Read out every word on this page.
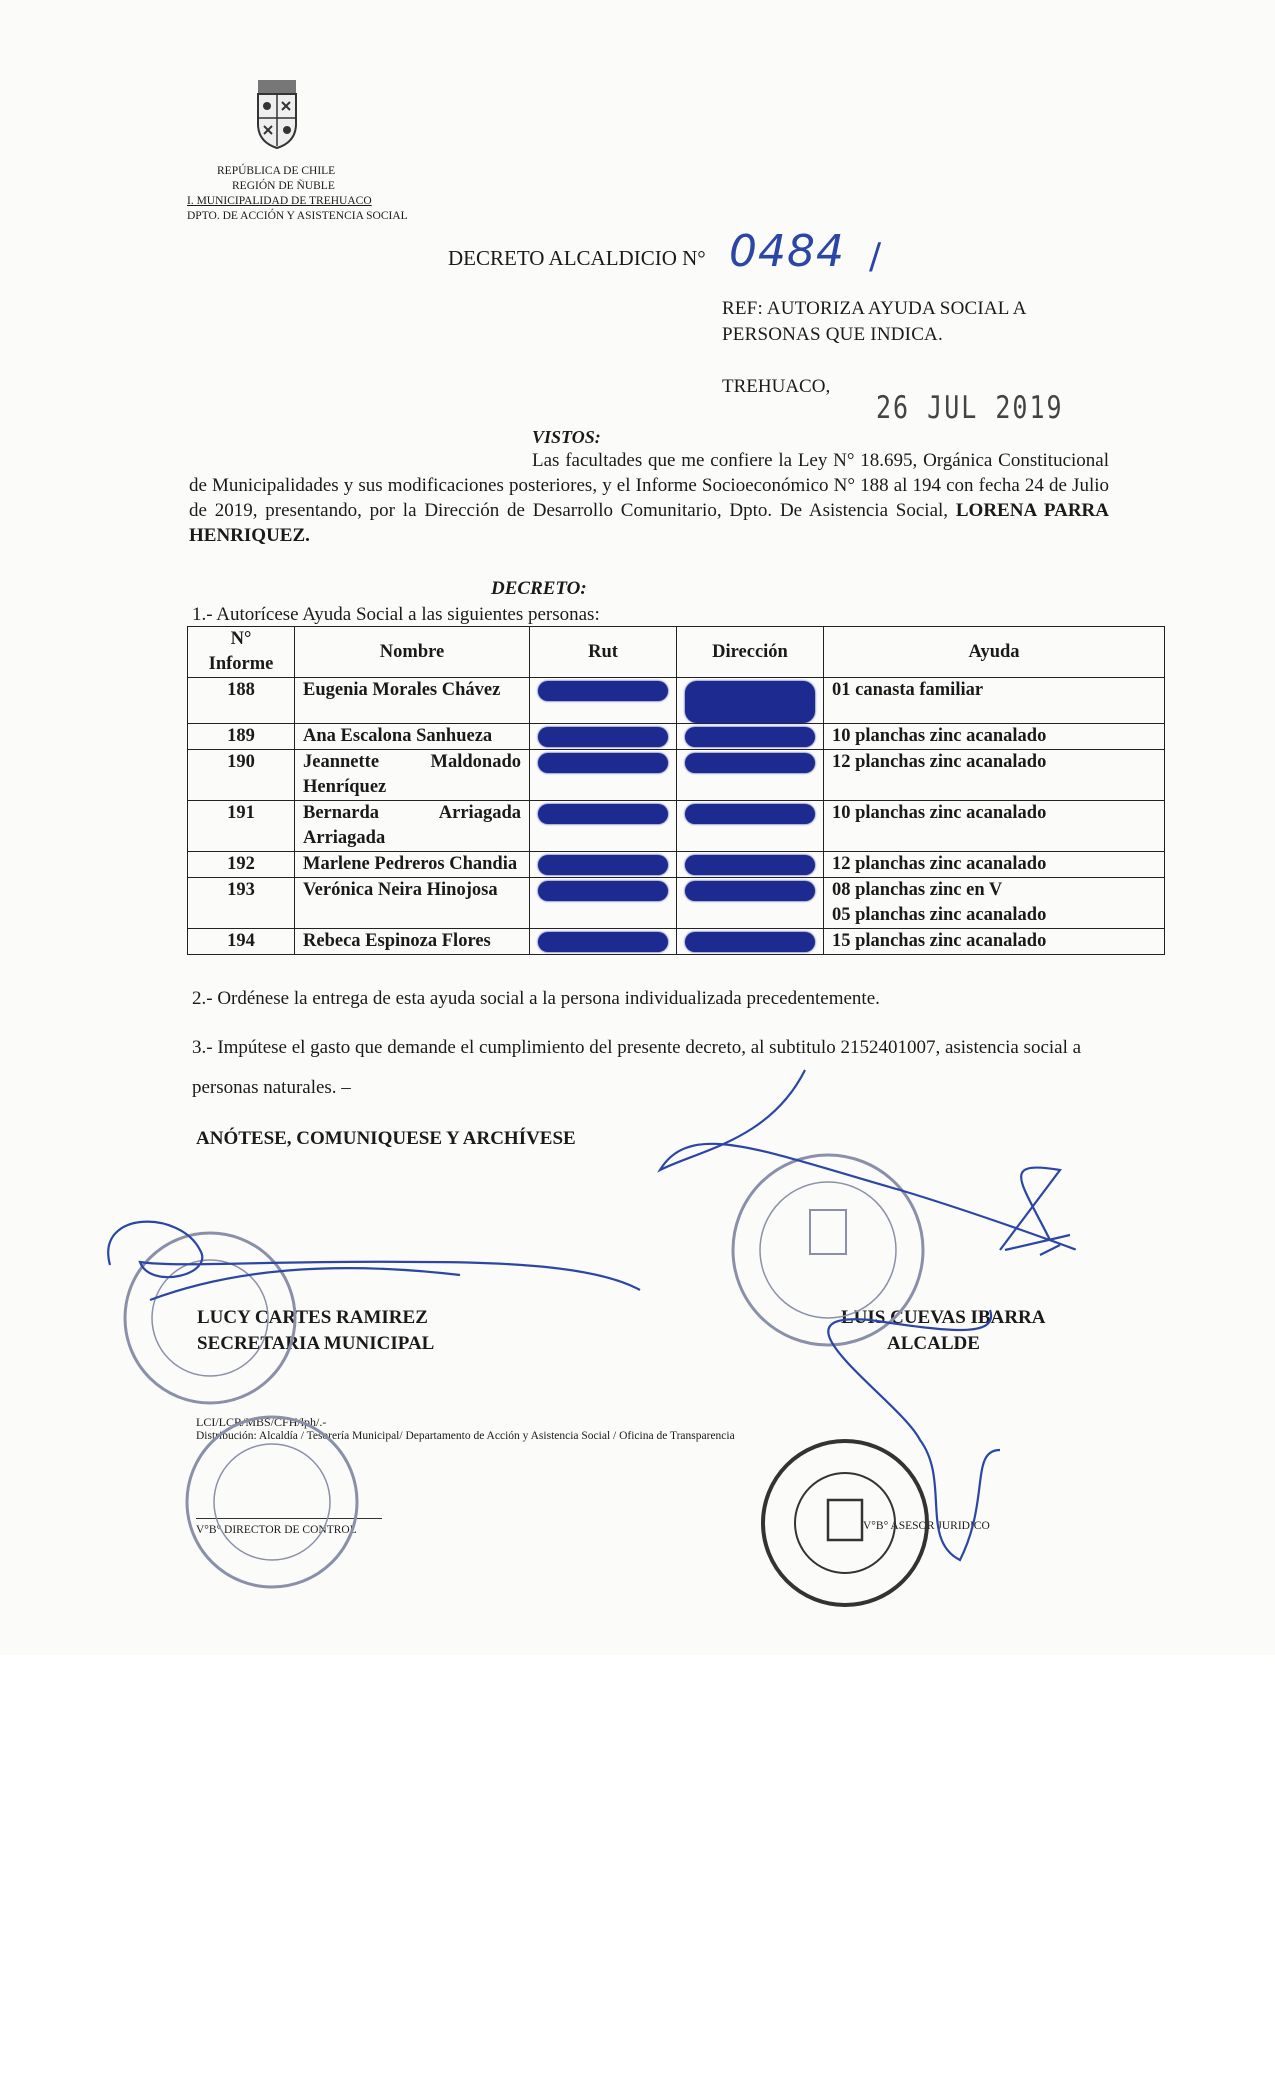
REPÚBLICA DE CHILE
REGIÓN DE ÑUBLE
I. MUNICIPALIDAD DE TREHUACO
DPTO. DE ACCIÓN Y ASISTENCIA SOCIAL
DECRETO ALCALDICIO N° 0484 /
REF: AUTORIZA AYUDA SOCIAL A
PERSONAS QUE INDICA.
TREHUACO,
26 JUL 2019
VISTOS:
Las facultades que me confiere la Ley N° 18.695, Orgánica Constitucional de Municipalidades y sus modificaciones posteriores, y el Informe Socioeconómico N° 188 al 194 con fecha 24 de Julio de 2019, presentando, por la Dirección de Desarrollo Comunitario, Dpto. De Asistencia Social, LORENA PARRA HENRIQUEZ.
DECRETO:
1.- Autorícese Ayuda Social a las siguientes personas:
N° Informe	Nombre	Rut	Dirección	Ayuda
188	Eugenia Morales Chávez			01 canasta familiar
189	Ana Escalona Sanhueza			10 planchas zinc acanalado
190	Jeannette Maldonado Henríquez			12 planchas zinc acanalado
191	Bernarda Arriagada Arriagada			10 planchas zinc acanalado
192	Marlene Pedreros Chandia			12 planchas zinc acanalado
193	Verónica Neira Hinojosa			08 planchas zinc en V
05 planchas zinc acanalado
194	Rebeca Espinoza Flores			15 planchas zinc acanalado
2.- Ordénese la entrega de esta ayuda social a la persona individualizada precedentemente.
3.- Impútese el gasto que demande el cumplimiento del presente decreto, al subtitulo 2152401007, asistencia social a personas naturales. –
ANÓTESE, COMUNIQUESE Y ARCHÍVESE
LUCY CARTES RAMIREZ
SECRETARIA MUNICIPAL
LUIS CUEVAS IBARRA
ALCALDE
LCI/LCR/MBS/CFH/lph/.-
Distribución: Alcaldía / Tesorería Municipal/ Departamento de Acción y Asistencia Social / Oficina de Transparencia
V°B° DIRECTOR DE CONTROL	V°B° ASESOR JURIDICO
